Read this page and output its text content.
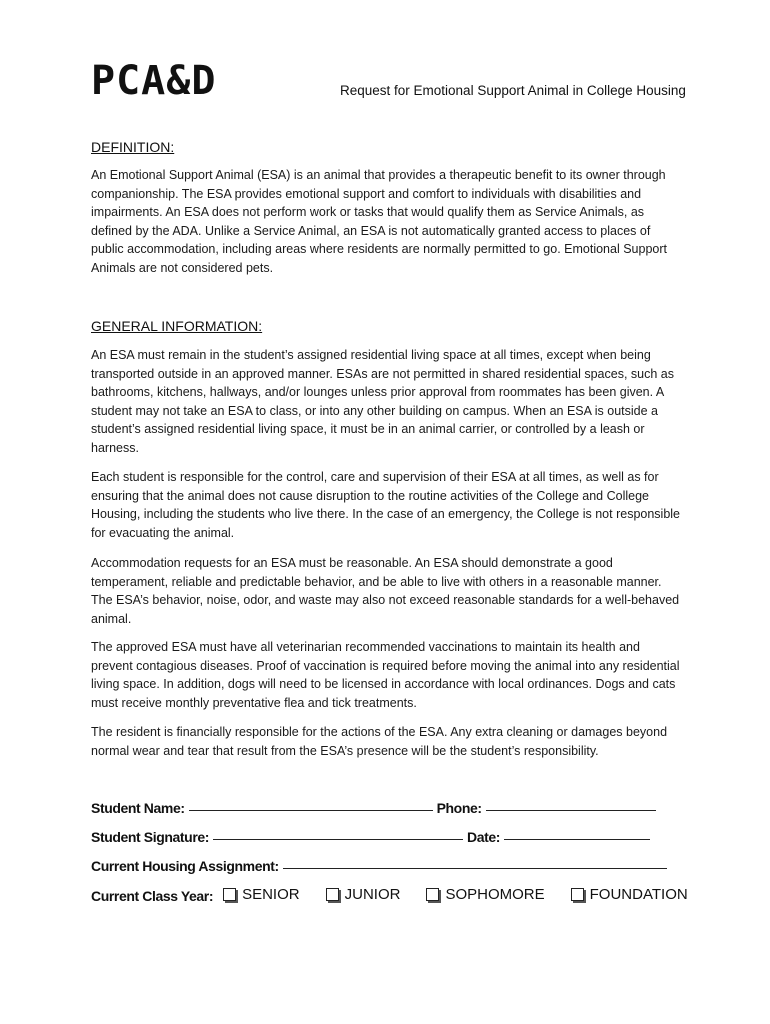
PCA&D	Request for Emotional Support Animal in College Housing
DEFINITION:

An Emotional Support Animal (ESA) is an animal that provides a therapeutic benefit to its owner through companionship. The ESA provides emotional support and comfort to individuals with disabilities and impairments. An ESA does not perform work or tasks that would qualify them as Service Animals, as defined by the ADA. Unlike a Service Animal, an ESA is not automatically granted access to places of public accommodation, including areas where residents are normally permitted to go. Emotional Support Animals are not considered pets.

GENERAL INFORMATION:

An ESA must remain in the student’s assigned residential living space at all times, except when being transported outside in an approved manner. ESAs are not permitted in shared residential spaces, such as bathrooms, kitchens, hallways, and/or lounges unless prior approval from roommates has been given. A student may not take an ESA to class, or into any other building on campus. When an ESA is outside a student’s assigned residential living space, it must be in an animal carrier, or controlled by a leash or harness.

Each student is responsible for the control, care and supervision of their ESA at all times, as well as for ensuring that the animal does not cause disruption to the routine activities of the College and College Housing, including the students who live there. In the case of an emergency, the College is not responsible for evacuating the animal.

Accommodation requests for an ESA must be reasonable. An ESA should demonstrate a good temperament, reliable and predictable behavior, and be able to live with others in a reasonable manner. The ESA’s behavior, noise, odor, and waste may also not exceed reasonable standards for a well-behaved animal.

The approved ESA must have all veterinarian recommended vaccinations to maintain its health and prevent contagious diseases. Proof of vaccination is required before moving the animal into any residential living space. In addition, dogs will need to be licensed in accordance with local ordinances. Dogs and cats must receive monthly preventative flea and tick treatments.

The resident is financially responsible for the actions of the ESA. Any extra cleaning or damages beyond normal wear and tear that result from the ESA’s presence will be the student’s responsibility.

Student Name:	Phone:
Student Signature:	Date:
Current Housing Assignment:
Current Class Year: SENIOR	JUNIOR	SOPHOMORE	FOUNDATION
